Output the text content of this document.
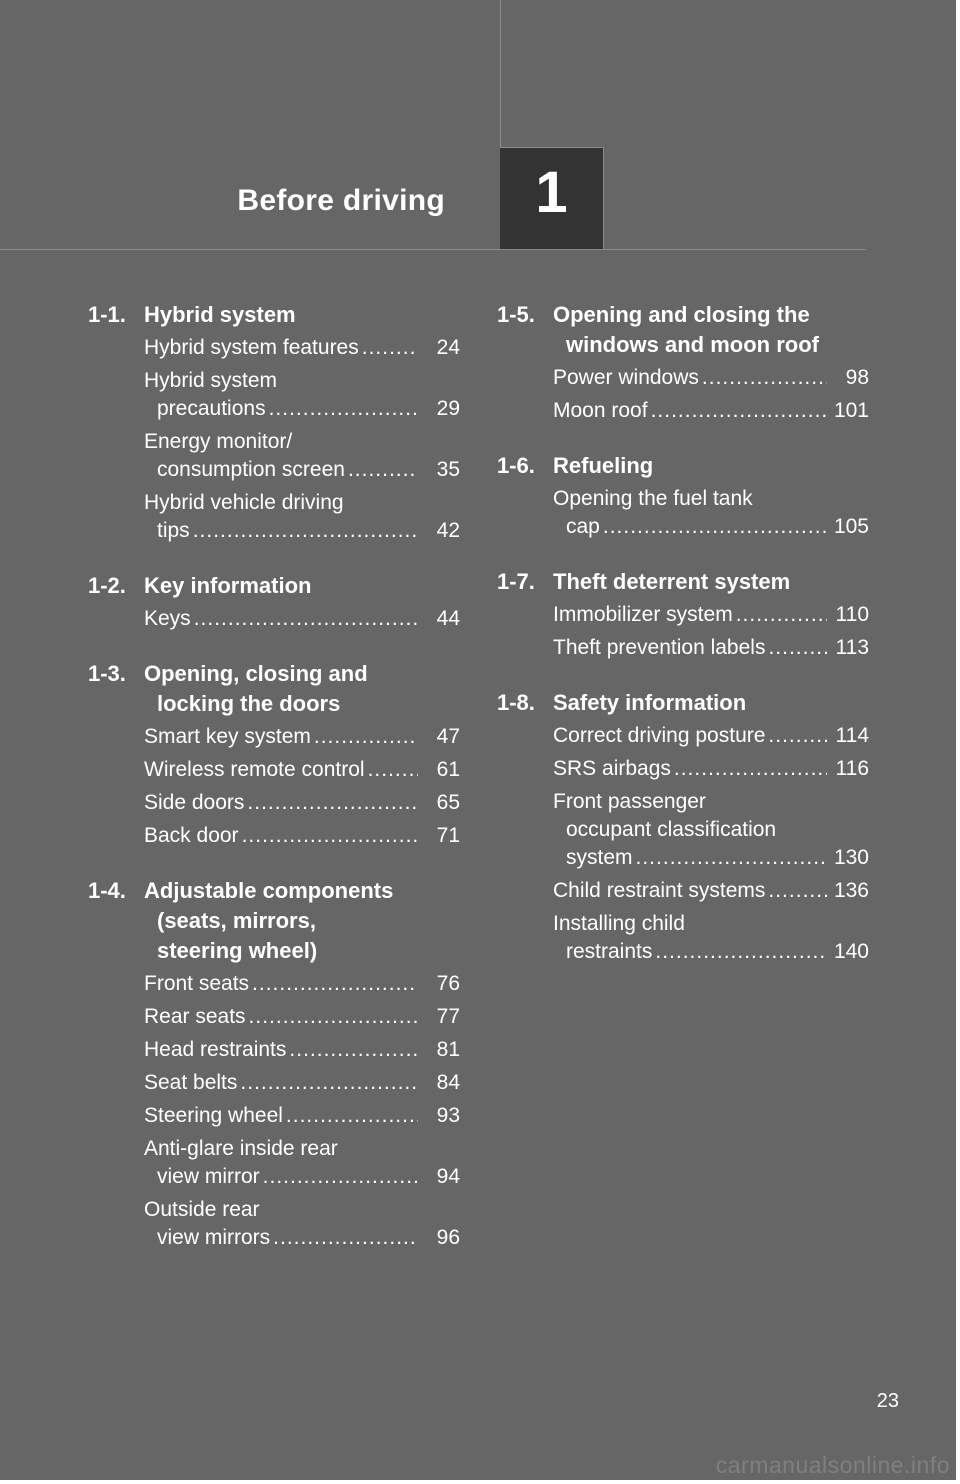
Before driving	1
1-1. Hybrid system
Hybrid system features .....	24
Hybrid system
precautions .....	29
Energy monitor/
consumption screen .....	35
Hybrid vehicle driving
tips .....	42
1-2. Key information
Keys .....	44
1-3. Opening, closing and
locking the doors
Smart key system .....	47
Wireless remote control .....	61
Side doors .....	65
Back door .....	71
1-4. Adjustable components
(seats, mirrors,
steering wheel)
Front seats .....	76
Rear seats .....	77
Head restraints .....	81
Seat belts .....	84
Steering wheel .....	93
Anti-glare inside rear
view mirror .....	94
Outside rear
view mirrors .....	96
1-5. Opening and closing the
windows and moon roof
Power windows .....	98
Moon roof .....	101
1-6. Refueling
Opening the fuel tank
cap .....	105
1-7. Theft deterrent system
Immobilizer system .....	110
Theft prevention labels .....	113
1-8. Safety information
Correct driving posture .....	114
SRS airbags .....	116
Front passenger
occupant classification
system .....	130
Child restraint systems .....	136
Installing child
restraints .....	140
23
carmanualsonline.info
